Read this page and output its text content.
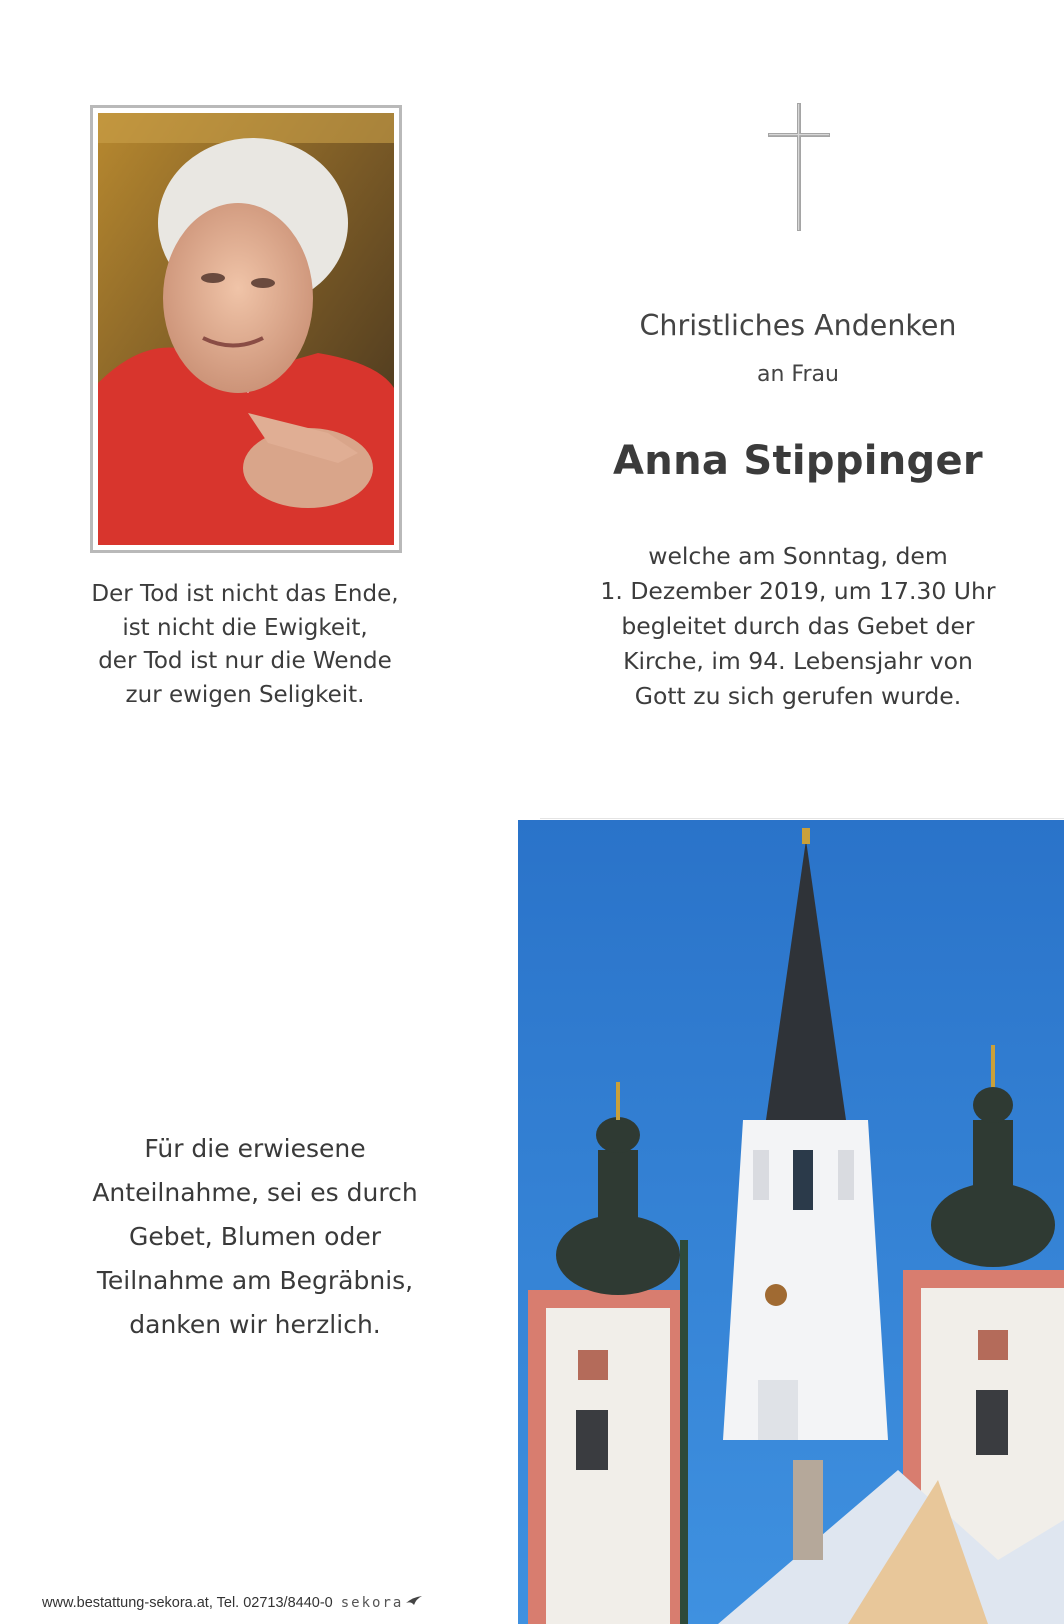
Der Tod ist nicht das Ende,
ist nicht die Ewigkeit,
der Tod ist nur die Wende
zur ewigen Seligkeit.
Christliches Andenken
an Frau
Anna Stippinger
welche am Sonntag, dem
1. Dezember 2019, um 17.30 Uhr
begleitet durch das Gebet der
Kirche, im 94. Lebensjahr von
Gott zu sich gerufen wurde.
Für die erwiesene
Anteilnahme, sei es durch
Gebet, Blumen oder
Teilnahme am Begräbnis,
danken wir herzlich.
www.bestattung-sekora.at, Tel. 02713/8440-0 sekora
